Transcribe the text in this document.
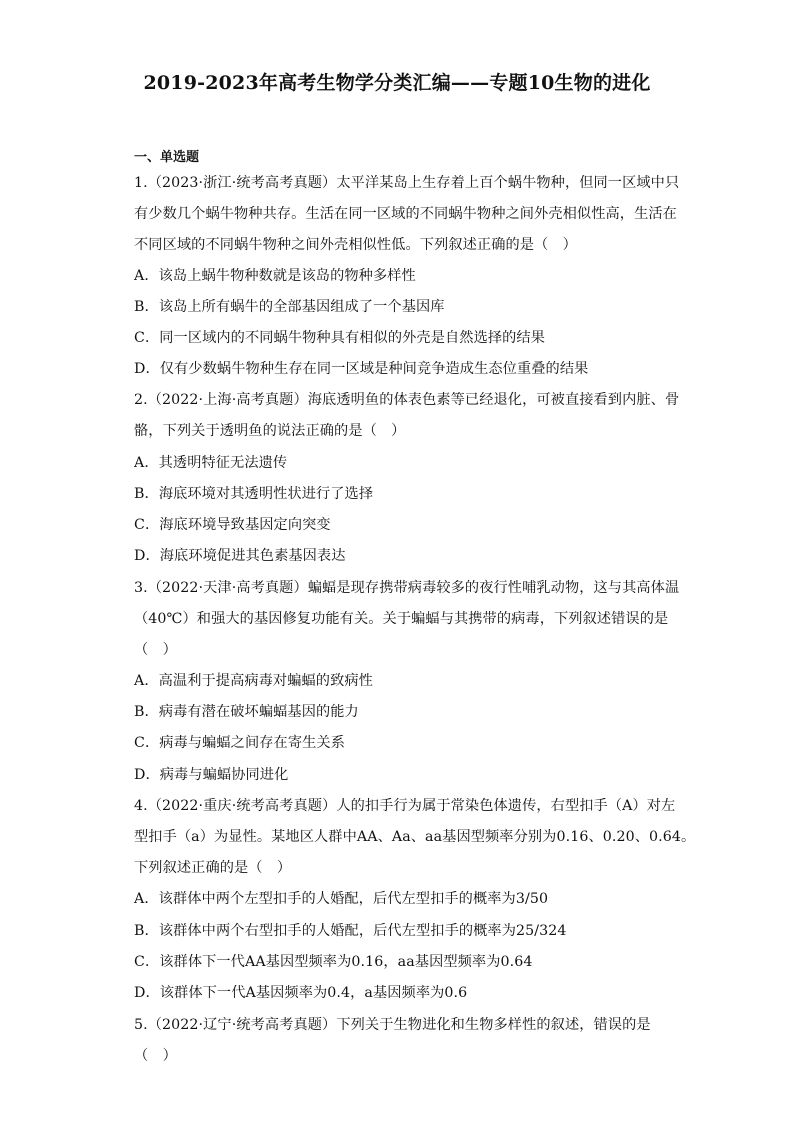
2019-2023年高考生物学分类汇编——专题10生物的进化
一、单选题
1.（2023·浙江·统考高考真题）太平洋某岛上生存着上百个蜗牛物种，但同一区域中只
有少数几个蜗牛物种共存。生活在同一区域的不同蜗牛物种之间外壳相似性高，生活在
不同区域的不同蜗牛物种之间外壳相似性低。下列叙述正确的是（　）
A．该岛上蜗牛物种数就是该岛的物种多样性
B．该岛上所有蜗牛的全部基因组成了一个基因库
C．同一区域内的不同蜗牛物种具有相似的外壳是自然选择的结果
D．仅有少数蜗牛物种生存在同一区域是种间竞争造成生态位重叠的结果
2.（2022·上海·高考真题）海底透明鱼的体表色素等已经退化，可被直接看到内脏、骨
骼，下列关于透明鱼的说法正确的是（　）
A．其透明特征无法遗传
B．海底环境对其透明性状进行了选择
C．海底环境导致基因定向突变
D．海底环境促进其色素基因表达
3.（2022·天津·高考真题）蝙蝠是现存携带病毒较多的夜行性哺乳动物，这与其高体温
（40℃）和强大的基因修复功能有关。关于蝙蝠与其携带的病毒，下列叙述错误的是
（　）
A．高温利于提高病毒对蝙蝠的致病性
B．病毒有潜在破坏蝙蝠基因的能力
C．病毒与蝙蝠之间存在寄生关系
D．病毒与蝙蝠协同进化
4.（2022·重庆·统考高考真题）人的扣手行为属于常染色体遗传，右型扣手（A）对左
型扣手（a）为显性。某地区人群中AA、Aa、aa基因型频率分别为0.16、0.20、0.64。
下列叙述正确的是（　）
A．该群体中两个左型扣手的人婚配，后代左型扣手的概率为3/50
B．该群体中两个右型扣手的人婚配，后代左型扣手的概率为25/324
C．该群体下一代AA基因型频率为0.16，aa基因型频率为0.64
D．该群体下一代A基因频率为0.4，a基因频率为0.6
5.（2022·辽宁·统考高考真题）下列关于生物进化和生物多样性的叙述，错误的是
（　）
